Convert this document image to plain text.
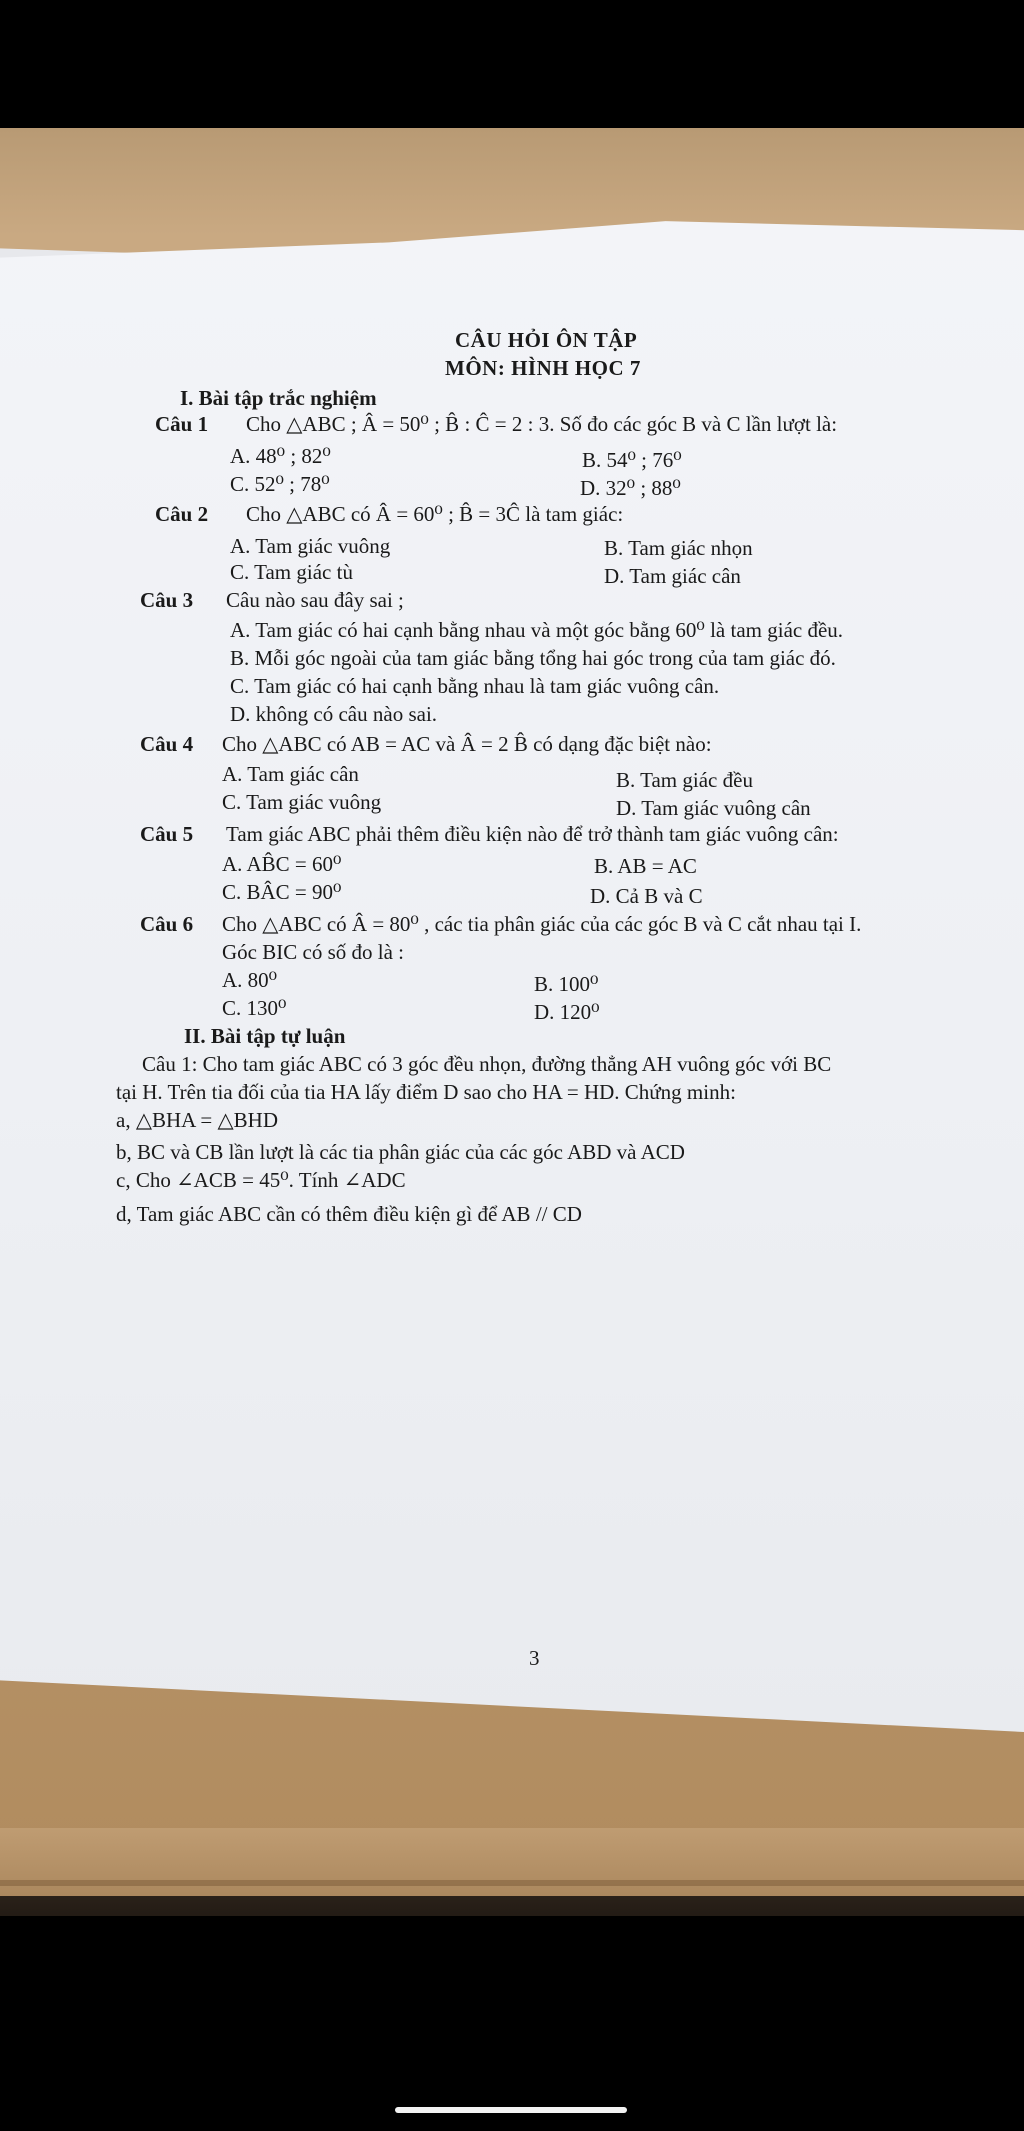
CÂU HỎI ÔN TẬP
MÔN: HÌNH HỌC 7
I. Bài tập trắc nghiệm
Câu 1 Cho △ABC ; Â = 50⁰ ; B̂ : Ĉ = 2 : 3. Số đo các góc B và C lần lượt là:
A. 48⁰ ; 82⁰	B. 54⁰ ; 76⁰
C. 52⁰ ; 78⁰	D. 32⁰ ; 88⁰
Câu 2 Cho △ABC có Â = 60⁰ ; B̂ = 3Ĉ là tam giác:
A. Tam giác vuông	B. Tam giác nhọn
C. Tam giác tù	D. Tam giác cân
Câu 3 Câu nào sau đây sai ;
A. Tam giác có hai cạnh bằng nhau và một góc bằng 60⁰ là tam giác đều.
B. Mỗi góc ngoài của tam giác bằng tổng hai góc trong của tam giác đó.
C. Tam giác có hai cạnh bằng nhau là tam giác vuông cân.
D. không có câu nào sai.
Câu 4 Cho △ABC có AB = AC và Â = 2 B̂ có dạng đặc biệt nào:
A. Tam giác cân	B. Tam giác đều
C. Tam giác vuông	D. Tam giác vuông cân
Câu 5 Tam giác ABC phải thêm điều kiện nào để trở thành tam giác vuông cân:
A. AB̂C = 60⁰	B. AB = AC
C. BÂC = 90⁰	D. Cả B và C
Câu 6 Cho △ABC có Â = 80⁰ , các tia phân giác của các góc B và C cắt nhau tại I.
Góc BIC có số đo là :
A. 80⁰	B. 100⁰
C. 130⁰	D. 120⁰
II. Bài tập tự luận
Câu 1: Cho tam giác ABC có 3 góc đều nhọn, đường thẳng AH vuông góc với BC
tại H. Trên tia đối của tia HA lấy điểm D sao cho HA = HD. Chứng minh:
a, △BHA = △BHD
b, BC và CB lần lượt là các tia phân giác của các góc ABD và ACD
c, Cho ∠ACB = 45⁰. Tính ∠ADC
d, Tam giác ABC cần có thêm điều kiện gì để AB // CD
3
